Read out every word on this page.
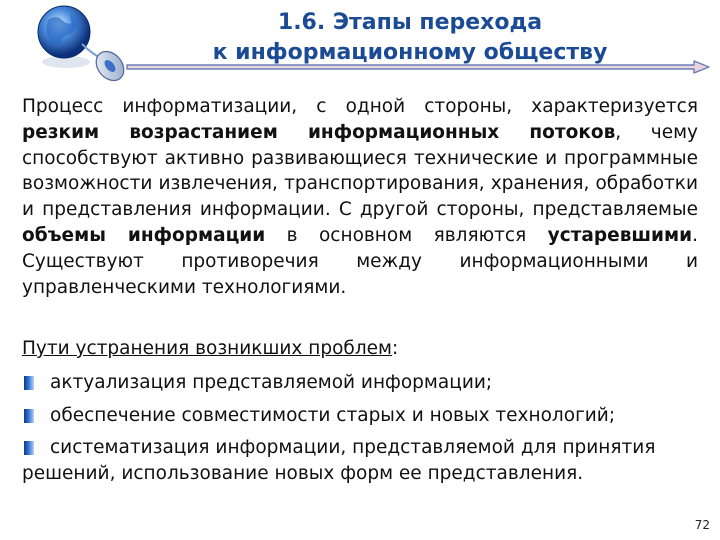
1.6. Этапы перехода
к информационному обществу
Процесс информатизации, с одной стороны, характеризуется резким возрастанием информационных потоков, чему способствуют активно развивающиеся технические и программные возможности извлечения, транспортирования, хранения, обработки и представления информации. С другой стороны, представляемые объемы информации в основном являются устаревшими. Существуют противоречия между информационными и управленческими технологиями.
Пути устранения возникших проблем:
актуализация представляемой информации;
обеспечение совместимости старых и новых технологий;
систематизация информации, представляемой для принятия решений, использование новых форм ее представления.
72
